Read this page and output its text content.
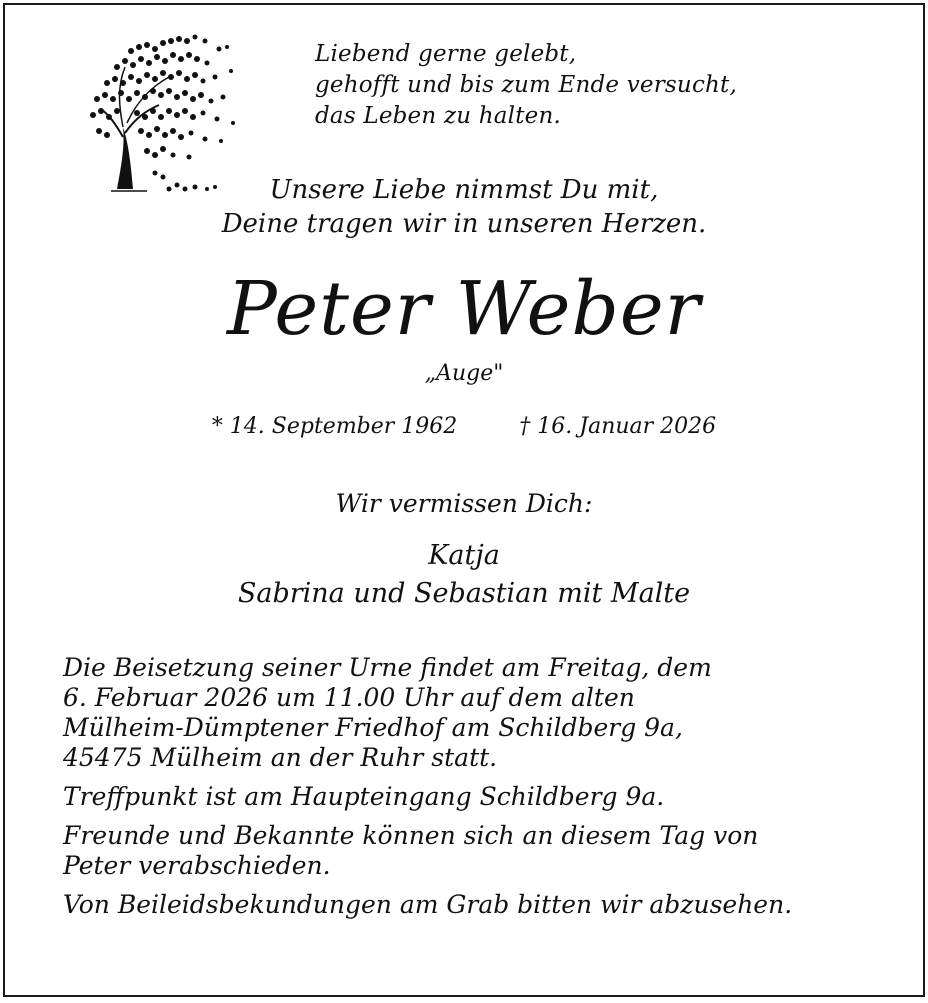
Liebend gerne gelebt,
gehofft und bis zum Ende versucht,
das Leben zu halten.
Unsere Liebe nimmst Du mit,
Deine tragen wir in unseren Herzen.
Peter Weber
„Auge"
* 14. September 1962	† 16. Januar 2026
Wir vermissen Dich:
Katja
Sabrina und Sebastian mit Malte

Die Beisetzung seiner Urne findet am Freitag, dem
6. Februar 2026 um 11.00 Uhr auf dem alten
Mülheim-Dümptener Friedhof am Schildberg 9a,
45475 Mülheim an der Ruhr statt.

Treffpunkt ist am Haupteingang Schildberg 9a.

Freunde und Bekannte können sich an diesem Tag von
Peter verabschieden.

Von Beileidsbekundungen am Grab bitten wir abzusehen.
